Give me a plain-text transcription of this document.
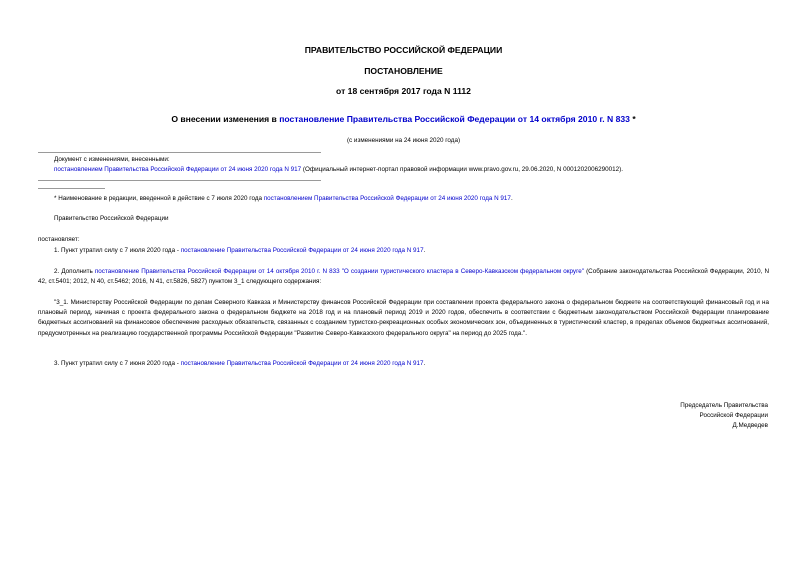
ПРАВИТЕЛЬСТВО РОССИЙСКОЙ ФЕДЕРАЦИИ
ПОСТАНОВЛЕНИЕ
от 18 сентября 2017 года N 1112
О внесении изменения в постановление Правительства Российской Федерации от 14 октября 2010 г. N 833 *
(с изменениями на 24 июня 2020 года)
Документ с изменениями, внесенными:
постановлением Правительства Российской Федерации от 24 июня 2020 года N 917 (Официальный интернет-портал правовой информации www.pravo.gov.ru, 29.06.2020, N 0001202006290012).
* Наименование в редакции, введенной в действие с 7 июля 2020 года постановлением Правительства Российской Федерации от 24 июня 2020 года N 917.
Правительство Российской Федерации
постановляет:
1. Пункт утратил силу с 7 июля 2020 года - постановление Правительства Российской Федерации от 24 июня 2020 года N 917.
2. Дополнить постановление Правительства Российской Федерации от 14 октября 2010 г. N 833 "О создании туристического кластера в Северо-Кавказском федеральном округе" (Собрание законодательства Российской Федерации, 2010, N 42, ст.5401; 2012, N 40, ст.5462; 2016, N 41, ст.5826, 5827) пунктом 3_1 следующего содержания:
"3_1. Министерству Российской Федерации по делам Северного Кавказа и Министерству финансов Российской Федерации при составлении проекта федерального закона о федеральном бюджете на соответствующий финансовый год и на плановый период, начиная с проекта федерального закона о федеральном бюджете на 2018 год и на плановый период 2019 и 2020 годов, обеспечить в соответствии с бюджетным законодательством Российской Федерации планирование бюджетных ассигнований на финансовое обеспечение расходных обязательств, связанных с созданием туристско-рекреационных особых экономических зон, объединенных в туристический кластер, в пределах объемов бюджетных ассигнований, предусмотренных на реализацию государственной программы Российской Федерации "Развитие Северо-Кавказского федерального округа" на период до 2025 года.".
3. Пункт утратил силу с 7 июня 2020 года - постановление Правительства Российской Федерации от 24 июня 2020 года N 917.
Председатель Правительства
Российской Федерации
Д.Медведев
